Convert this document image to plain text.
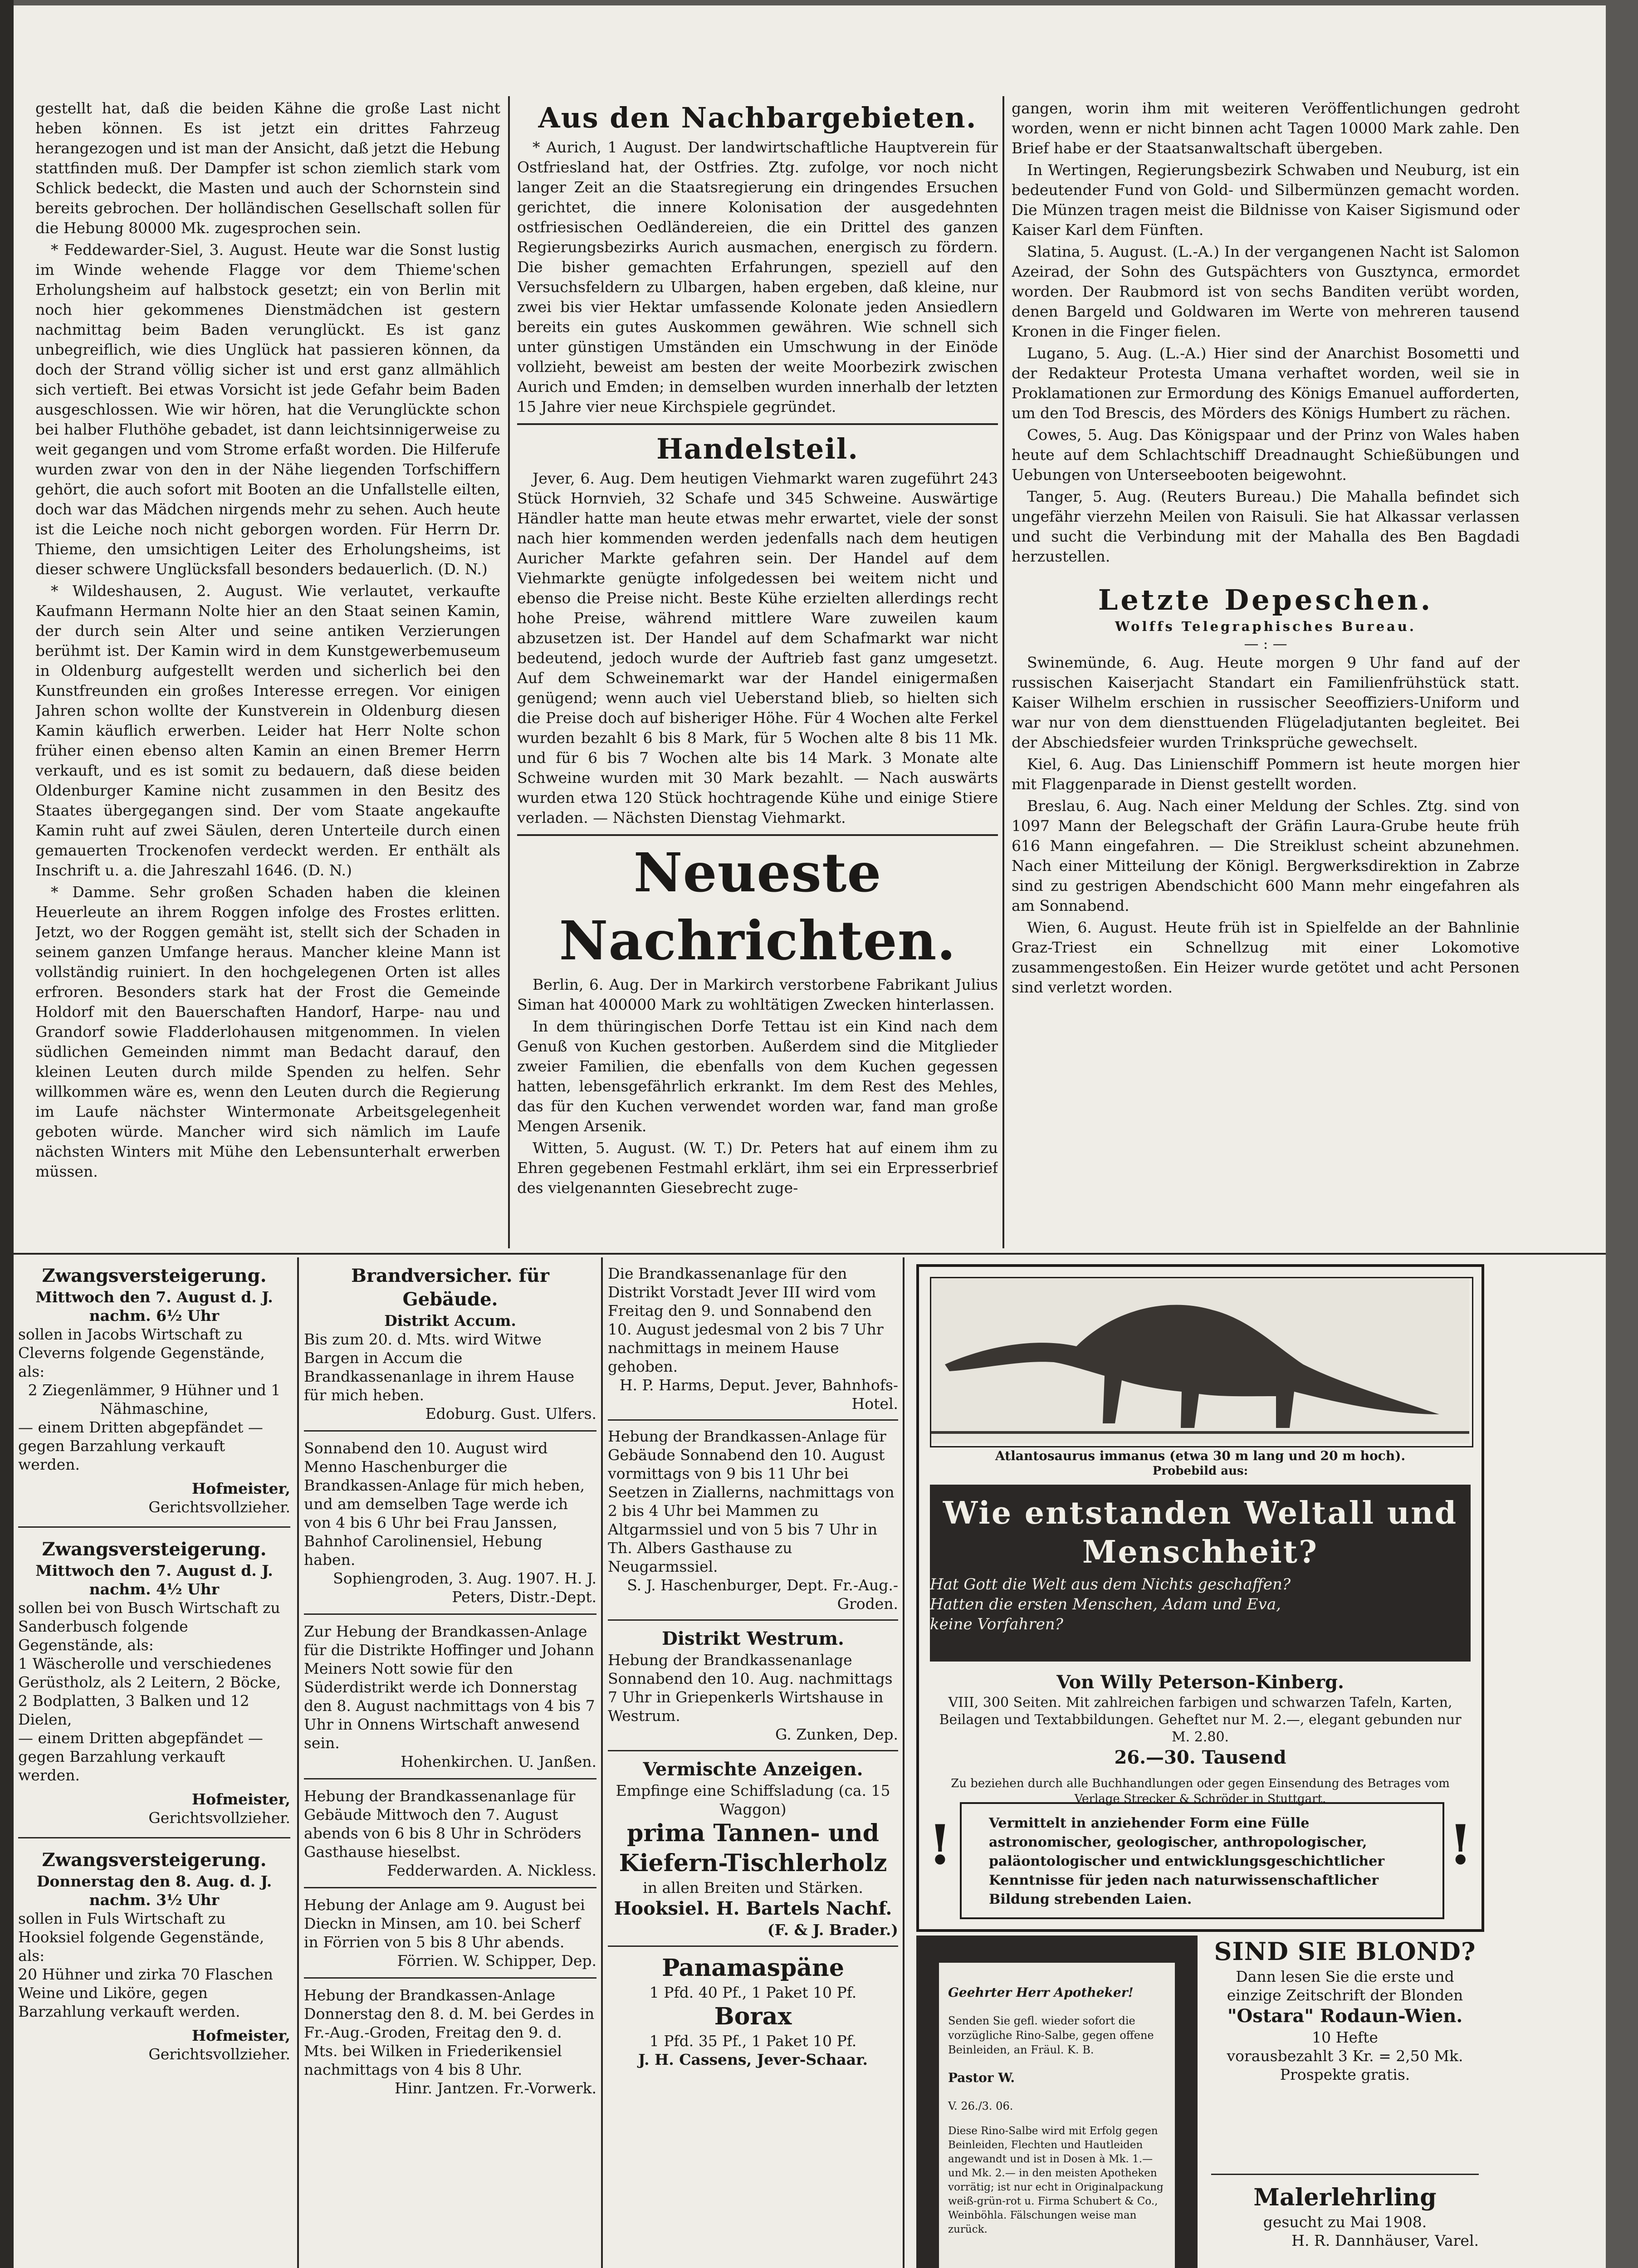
gestellt hat, daß die beiden Kähne die große Last nicht heben können. Es ist jetzt ein drittes Fahrzeug herangezogen und ist man der Ansicht, daß jetzt die Hebung stattfinden muß. Der Dampfer ist schon ziemlich stark vom Schlick bedeckt, die Masten und auch der Schornstein sind bereits gebrochen. Der holländischen Gesellschaft sollen für die Hebung 80000 Mk. zugesprochen sein.

* Feddewarder-Siel, 3. August. Heute war die Sonst lustig im Winde wehende Flagge vor dem Thieme'schen Erholungsheim auf halbstock gesetzt; ein von Berlin mit noch hier gekommenes Dienstmädchen ist gestern nachmittag beim Baden verunglückt. Es ist ganz unbegreiflich, wie dies Unglück hat passieren können, da doch der Strand völlig sicher ist und erst ganz allmählich sich vertieft. Bei etwas Vorsicht ist jede Gefahr beim Baden ausgeschlossen. Wie wir hören, hat die Verunglückte schon bei halber Fluthöhe gebadet, ist dann leichtsinnigerweise zu weit gegangen und vom Strome erfaßt worden. Die Hilferufe wurden zwar von den in der Nähe liegenden Torfschiffern gehört, die auch sofort mit Booten an die Unfallstelle eilten, doch war das Mädchen nirgends mehr zu sehen. Auch heute ist die Leiche noch nicht geborgen worden. Für Herrn Dr. Thieme, den umsichtigen Leiter des Erholungsheims, ist dieser schwere Unglücksfall besonders bedauerlich. (D. N.)

* Wildeshausen, 2. August. Wie verlautet, verkaufte Kaufmann Hermann Nolte hier an den Staat seinen Kamin, der durch sein Alter und seine antiken Verzierungen berühmt ist. Der Kamin wird in dem Kunstgewerbemuseum in Oldenburg aufgestellt werden und sicherlich bei den Kunstfreunden ein großes Interesse erregen. Vor einigen Jahren schon wollte der Kunstverein in Oldenburg diesen Kamin käuflich erwerben. Leider hat Herr Nolte schon früher einen ebenso alten Kamin an einen Bremer Herrn verkauft, und es ist somit zu bedauern, daß diese beiden Oldenburger Kamine nicht zusammen in den Besitz des Staates übergegangen sind. Der vom Staate angekaufte Kamin ruht auf zwei Säulen, deren Unterteile durch einen gemauerten Trockenofen verdeckt werden. Er enthält als Inschrift u. a. die Jahreszahl 1646. (D. N.)

* Damme. Sehr großen Schaden haben die kleinen Heuerleute an ihrem Roggen infolge des Frostes erlitten. Jetzt, wo der Roggen gemäht ist, stellt sich der Schaden in seinem ganzen Umfange heraus. Mancher kleine Mann ist vollständig ruiniert. In den hochgelegenen Orten ist alles erfroren. Besonders stark hat der Frost die Gemeinde Holdorf mit den Bauerschaften Handorf, Harpe- nau und Grandorf sowie Fladderlohausen mitgenommen. In vielen südlichen Gemeinden nimmt man Bedacht darauf, den kleinen Leuten durch milde Spenden zu helfen. Sehr willkommen wäre es, wenn den Leuten durch die Regierung im Laufe nächster Wintermonate Arbeitsgelegenheit geboten würde. Mancher wird sich nämlich im Laufe nächsten Winters mit Mühe den Lebensunterhalt erwerben müssen.

Aus den Nachbargebieten.

* Aurich, 1 August. Der landwirtschaftliche Hauptverein für Ostfriesland hat, der Ostfries. Ztg. zufolge, vor noch nicht langer Zeit an die Staatsregierung ein dringendes Ersuchen gerichtet, die innere Kolonisation der ausgedehnten ostfriesischen Oedländereien, die ein Drittel des ganzen Regierungsbezirks Aurich ausmachen, energisch zu fördern. Die bisher gemachten Erfahrungen, speziell auf den Versuchsfeldern zu Ulbargen, haben ergeben, daß kleine, nur zwei bis vier Hektar umfassende Kolonate jeden Ansiedlern bereits ein gutes Auskommen gewähren. Wie schnell sich unter günstigen Umständen ein Umschwung in der Einöde vollzieht, beweist am besten der weite Moorbezirk zwischen Aurich und Emden; in demselben wurden innerhalb der letzten 15 Jahre vier neue Kirchspiele gegründet.

Handelsteil.

Jever, 6. Aug. Dem heutigen Viehmarkt waren zugeführt 243 Stück Hornvieh, 32 Schafe und 345 Schweine. Auswärtige Händler hatte man heute etwas mehr erwartet, viele der sonst nach hier kommenden werden jedenfalls nach dem heutigen Auricher Markte gefahren sein. Der Handel auf dem Viehmarkte genügte infolgedessen bei weitem nicht und ebenso die Preise nicht. Beste Kühe erzielten allerdings recht hohe Preise, während mittlere Ware zuweilen kaum abzusetzen ist. Der Handel auf dem Schafmarkt war nicht bedeutend, jedoch wurde der Auftrieb fast ganz umgesetzt. Auf dem Schweinemarkt war der Handel einigermaßen genügend; wenn auch viel Ueberstand blieb, so hielten sich die Preise doch auf bisheriger Höhe. Für 4 Wochen alte Ferkel wurden bezahlt 6 bis 8 Mark, für 5 Wochen alte 8 bis 11 Mk. und für 6 bis 7 Wochen alte bis 14 Mark. 3 Monate alte Schweine wurden mit 30 Mark bezahlt. — Nach auswärts wurden etwa 120 Stück hochtragende Kühe und einige Stiere verladen. — Nächsten Dienstag Viehmarkt.

Neueste Nachrichten.

Berlin, 6. Aug. Der in Markirch verstorbene Fabrikant Julius Siman hat 400000 Mark zu wohltätigen Zwecken hinterlassen.

In dem thüringischen Dorfe Tettau ist ein Kind nach dem Genuß von Kuchen gestorben. Außerdem sind die Mitglieder zweier Familien, die ebenfalls von dem Kuchen gegessen hatten, lebensgefährlich erkrankt. Im dem Rest des Mehles, das für den Kuchen verwendet worden war, fand man große Mengen Arsenik.

Witten, 5. August. (W. T.) Dr. Peters hat auf einem ihm zu Ehren gegebenen Festmahl erklärt, ihm sei ein Erpresserbrief des vielgenannten Giesebrecht zuge-

gangen, worin ihm mit weiteren Veröffentlichungen gedroht worden, wenn er nicht binnen acht Tagen 10000 Mark zahle. Den Brief habe er der Staatsanwaltschaft übergeben.

In Wertingen, Regierungsbezirk Schwaben und Neuburg, ist ein bedeutender Fund von Gold- und Silbermünzen gemacht worden. Die Münzen tragen meist die Bildnisse von Kaiser Sigismund oder Kaiser Karl dem Fünften.

Slatina, 5. August. (L.-A.) In der vergangenen Nacht ist Salomon Azeirad, der Sohn des Gutspächters von Gusztynca, ermordet worden. Der Raubmord ist von sechs Banditen verübt worden, denen Bargeld und Goldwaren im Werte von mehreren tausend Kronen in die Finger fielen.

Lugano, 5. Aug. (L.-A.) Hier sind der Anarchist Bosometti und der Redakteur Protesta Umana verhaftet worden, weil sie in Proklamationen zur Ermordung des Königs Emanuel aufforderten, um den Tod Brescis, des Mörders des Königs Humbert zu rächen.

Cowes, 5. Aug. Das Königspaar und der Prinz von Wales haben heute auf dem Schlachtschiff Dreadnaught Schießübungen und Uebungen von Unterseebooten beigewohnt.

Tanger, 5. Aug. (Reuters Bureau.) Die Mahalla befindet sich ungefähr vierzehn Meilen von Raisuli. Sie hat Alkassar verlassen und sucht die Verbindung mit der Mahalla des Ben Bagdadi herzustellen.

Letzte Depeschen.

Wolffs Telegraphisches Bureau.

— : —

Swinemünde, 6. Aug. Heute morgen 9 Uhr fand auf der russischen Kaiserjacht Standart ein Familienfrühstück statt. Kaiser Wilhelm erschien in russischer Seeoffiziers-Uniform und war nur von dem diensttuenden Flügeladjutanten begleitet. Bei der Abschiedsfeier wurden Trinksprüche gewechselt.

Kiel, 6. Aug. Das Linienschiff Pommern ist heute morgen hier mit Flaggenparade in Dienst gestellt worden.

Breslau, 6. Aug. Nach einer Meldung der Schles. Ztg. sind von 1097 Mann der Belegschaft der Gräfin Laura-Grube heute früh 616 Mann eingefahren. — Die Streiklust scheint abzunehmen. Nach einer Mitteilung der Königl. Bergwerksdirektion in Zabrze sind zu gestrigen Abendschicht 600 Mann mehr eingefahren als am Sonnabend.

Wien, 6. August. Heute früh ist in Spielfelde an der Bahnlinie Graz-Triest ein Schnellzug mit einer Lokomotive zusammengestoßen. Ein Heizer wurde getötet und acht Personen sind verletzt worden.

Zwangsversteigerung.

Mittwoch den 7. August d. J. nachm. 6½ Uhr

sollen in Jacobs Wirtschaft zu Cleverns folgende Gegenstände, als:

2 Ziegenlämmer, 9 Hühner und 1 Nähmaschine,

— einem Dritten abgepfändet — gegen Barzahlung verkauft werden.

Hofmeister,

Gerichtsvollzieher.

Zwangsversteigerung.

Mittwoch den 7. August d. J. nachm. 4½ Uhr

sollen bei von Busch Wirtschaft zu Sanderbusch folgende Gegenstände, als:

1 Wäscherolle und verschiedenes Gerüstholz, als 2 Leitern, 2 Böcke, 2 Bodplatten, 3 Balken und 12 Dielen,

— einem Dritten abgepfändet — gegen Barzahlung verkauft werden.

Hofmeister,

Gerichtsvollzieher.

Zwangsversteigerung.

Donnerstag den 8. Aug. d. J. nachm. 3½ Uhr

sollen in Fuls Wirtschaft zu Hooksiel folgende Gegenstände, als:

20 Hühner und zirka 70 Flaschen Weine und Liköre, gegen Barzahlung verkauft werden.

Hofmeister,

Gerichtsvollzieher.

Brandversicher. für Gebäude.

Distrikt Accum.

Bis zum 20. d. Mts. wird Witwe Bargen in Accum die Brandkassenanlage in ihrem Hause für mich heben.

Edoburg. Gust. Ulfers.

Sonnabend den 10. August wird Menno Haschenburger die Brandkassen-Anlage für mich heben, und am demselben Tage werde ich von 4 bis 6 Uhr bei Frau Janssen, Bahnhof Carolinensiel, Hebung haben.

Sophiengroden, 3. Aug. 1907. H. J. Peters, Distr.-Dept.

Zur Hebung der Brandkassen-Anlage für die Distrikte Hoffinger und Johann Meiners Nott sowie für den Süderdistrikt werde ich Donnerstag den 8. August nachmittags von 4 bis 7 Uhr in Onnens Wirtschaft anwesend sein.

Hohenkirchen. U. Janßen.

Hebung der Brandkassenanlage für Gebäude Mittwoch den 7. August abends von 6 bis 8 Uhr in Schröders Gasthause hieselbst.

Fedderwarden. A. Nickless.

Hebung der Anlage am 9. August bei Dieckn in Minsen, am 10. bei Scherf in Förrien von 5 bis 8 Uhr abends.

Förrien. W. Schipper, Dep.

Hebung der Brandkassen-Anlage Donnerstag den 8. d. M. bei Gerdes in Fr.-Aug.-Groden, Freitag den 9. d. Mts. bei Wilken in Friederikensiel nachmittags von 4 bis 8 Uhr.

Hinr. Jantzen. Fr.-Vorwerk.

Die Brandkassenanlage für den Distrikt Vorstadt Jever III wird vom Freitag den 9. und Sonnabend den 10. August jedesmal von 2 bis 7 Uhr nachmittags in meinem Hause gehoben.

H. P. Harms, Deput. Jever, Bahnhofs-Hotel.

Hebung der Brandkassen-Anlage für Gebäude Sonnabend den 10. August vormittags von 9 bis 11 Uhr bei Seetzen in Ziallerns, nachmittags von 2 bis 4 Uhr bei Mammen zu Altgarmssiel und von 5 bis 7 Uhr in Th. Albers Gasthause zu Neugarmssiel.

S. J. Haschenburger, Dept. Fr.-Aug.-Groden.

Distrikt Westrum.

Hebung der Brandkassenanlage Sonnabend den 10. Aug. nachmittags 7 Uhr in Griepenkerls Wirtshause in Westrum.

G. Zunken, Dep.

Vermischte Anzeigen.

Empfinge eine Schiffsladung (ca. 15 Waggon)

prima Tannen- und Kiefern-Tischlerholz

in allen Breiten und Stärken.

Hooksiel. H. Bartels Nachf.

(F. & J. Brader.)

Panamaspäne

1 Pfd. 40 Pf., 1 Paket 10 Pf.

Borax

1 Pfd. 35 Pf., 1 Paket 10 Pf.

J. H. Cassens, Jever-Schaar.

Atlantosaurus immanus (etwa 30 m lang und 20 m hoch).

Probebild aus:

Wie entstanden Weltall und

Menschheit?

Hat Gott die Welt aus dem Nichts geschaffen?

Hatten die ersten Menschen, Adam und Eva,

keine Vorfahren?

Von Willy Peterson-Kinberg.

VIII, 300 Seiten. Mit zahlreichen farbigen und schwarzen Tafeln, Karten, Beilagen und Textabbildungen. Geheftet nur M. 2.—, elegant gebunden nur M. 2.80.

26.—30. Tausend

Zu beziehen durch alle Buchhandlungen oder gegen Einsendung des Betrages vom Verlage Strecker & Schröder in Stuttgart.

Vermittelt in anziehender Form eine Fülle astronomischer, geologischer, anthropologischer, paläontologischer und entwicklungsgeschichtlicher Kenntnisse für jeden nach naturwissenschaftlicher Bildung strebenden Laien.

!	!

Geehrter Herr Apotheker!

Senden Sie gefl. wieder sofort die vorzügliche Rino-Salbe, gegen offene Beinleiden, an Fräul. K. B.

Pastor W.

V. 26./3. 06.

Diese Rino-Salbe wird mit Erfolg gegen Beinleiden, Flechten und Hautleiden angewandt und ist in Dosen à Mk. 1.— und Mk. 2.— in den meisten Apotheken vorrätig; ist nur echt in Originalpackung weiß-grün-rot u. Firma Schubert & Co., Weinböhla. Fälschungen weise man zurück.

SIND SIE BLOND?

Dann lesen Sie die erste und einzige Zeitschrift der Blonden

"Ostara" Rodaun-Wien.

10 Hefte

vorausbezahlt 3 Kr. = 2,50 Mk.

Prospekte gratis.

Malerlehrling

gesucht zu Mai 1908.

H. R. Dannhäuser, Varel.
